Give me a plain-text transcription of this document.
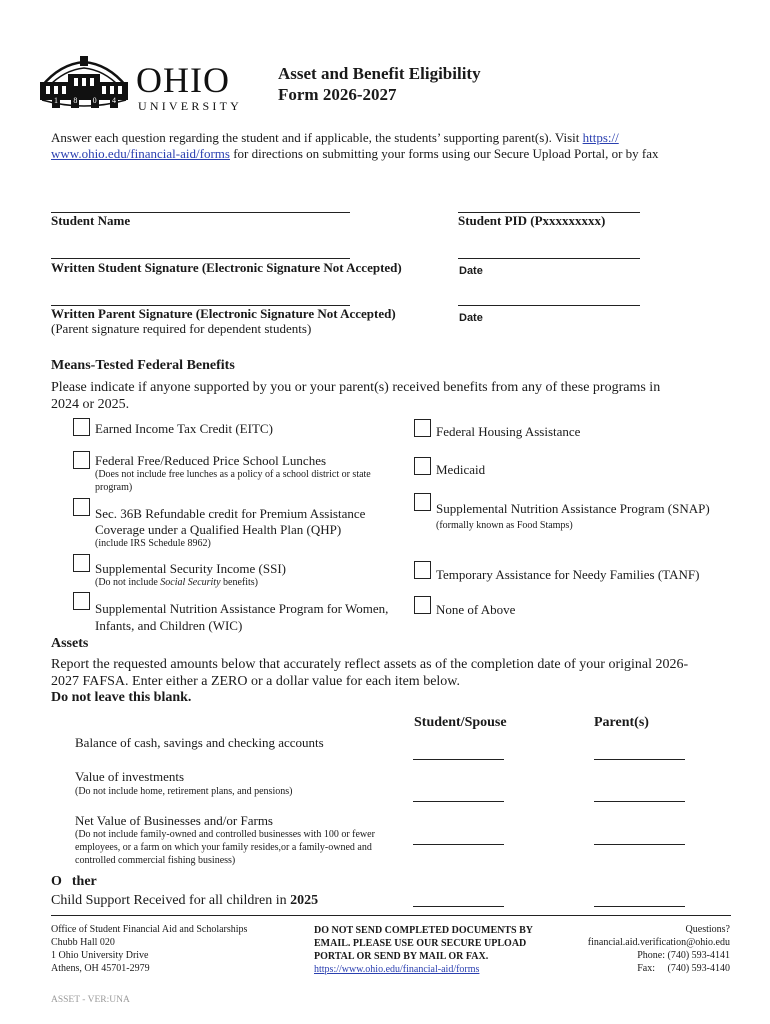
1 8 0 4
OHIO
UNIVERSITY
Asset and Benefit Eligibility
Form 2026-2027
Answer each question regarding the student and if applicable, the students’ supporting parent(s). Visit https://
www.ohio.edu/financial-aid/forms for directions on submitting your forms using our Secure Upload Portal, or by fax
Student Name	Student PID (Pxxxxxxxxx)
Written Student Signature (Electronic Signature Not Accepted)	Date
Written Parent Signature (Electronic Signature Not Accepted)
(Parent signature required for dependent students)
Date
Means-Tested Federal Benefits
Please indicate if anyone supported by you or your parent(s) received benefits from any of these programs in 2024 or 2025.
Earned Income Tax Credit (EITC)
Federal Free/Reduced Price School Lunches
(Does not include free lunches as a policy of a school district or state program)
Sec. 36B Refundable credit for Premium Assistance Coverage under a Qualified Health Plan (QHP)
(include IRS Schedule 8962)
Supplemental Security Income (SSI)
(Do not include Social Security benefits)
Supplemental Nutrition Assistance Program for Women, Infants, and Children (WIC)
Federal Housing Assistance
Medicaid
Supplemental Nutrition Assistance Program (SNAP)
(formally known as Food Stamps)
Temporary Assistance for Needy Families (TANF)
None of Above
Assets
Report the requested amounts below that accurately reflect assets as of the completion date of your original 2026-2027 FAFSA. Enter either a ZERO or a dollar value for each item below.
Do not leave this blank.
Student/Spouse	Parent(s)
Balance of cash, savings and checking accounts
Value of investments
(Do not include home, retirement plans, and pensions)
Net Value of Businesses and/or Farms
(Do not include family-owned and controlled businesses with 100 or fewer employees, or a farm on which your family resides,or a family-owned and controlled commercial fishing business)
O ther
Child Support Received for all children in 2025
Office of Student Financial Aid and Scholarships
Chubb Hall 020
1 Ohio University Drive
Athens, OH 45701-2979
DO NOT SEND COMPLETED DOCUMENTS BY
EMAIL. PLEASE USE OUR SECURE UPLOAD
PORTAL OR SEND BY MAIL OR FAX.
https://www.ohio.edu/financial-aid/forms
Questions?
financial.aid.verification@ohio.edu
Phone: (740) 593-4141
Fax:     (740) 593-4140
ASSET - VER:UNA
